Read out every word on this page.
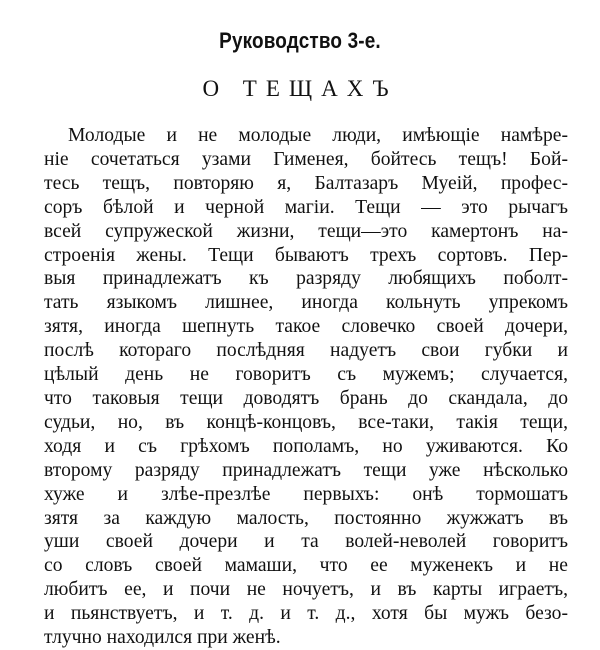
Руководство 3-е.
О ТЕЩАХЪ
Молодые и не молодые люди, имѣющіе намѣре-
ніе сочетаться узами Гименея, бойтесь тещъ! Бой-
тесь тещъ, повторяю я, Балтазаръ Муеій, профес-
соръ бѣлой и черной магіи. Тещи — это рычагъ
всей супружеской жизни, тещи—это камертонъ на-
строенія жены. Тещи бываютъ трехъ сортовъ. Пер-
выя принадлежатъ къ разряду любящихъ поболт-
тать языкомъ лишнее, иногда кольнуть упрекомъ
зятя, иногда шепнуть такое словечко своей дочери,
послѣ котораго послѣдняя надуетъ свои губки и
цѣлый день не говоритъ съ мужемъ; случается,
что таковыя тещи доводятъ брань до скандала, до
судьи, но, въ концѣ-концовъ, все-таки, такія тещи,
ходя и съ грѣхомъ пополамъ, но уживаются. Ко
второму разряду принадлежатъ тещи уже нѣсколько
хуже и злѣе-презлѣе первыхъ: онѣ тормошатъ
зятя за каждую малость, постоянно жужжатъ въ
уши своей дочери и та волей-неволей говоритъ
со словъ своей мамаши, что ее муженекъ и не
любитъ ее, и почи не ночуетъ, и въ карты играетъ,
и пьянствуетъ, и т. д. и т. д., хотя бы мужъ безо-
тлучно находился при женѣ.
